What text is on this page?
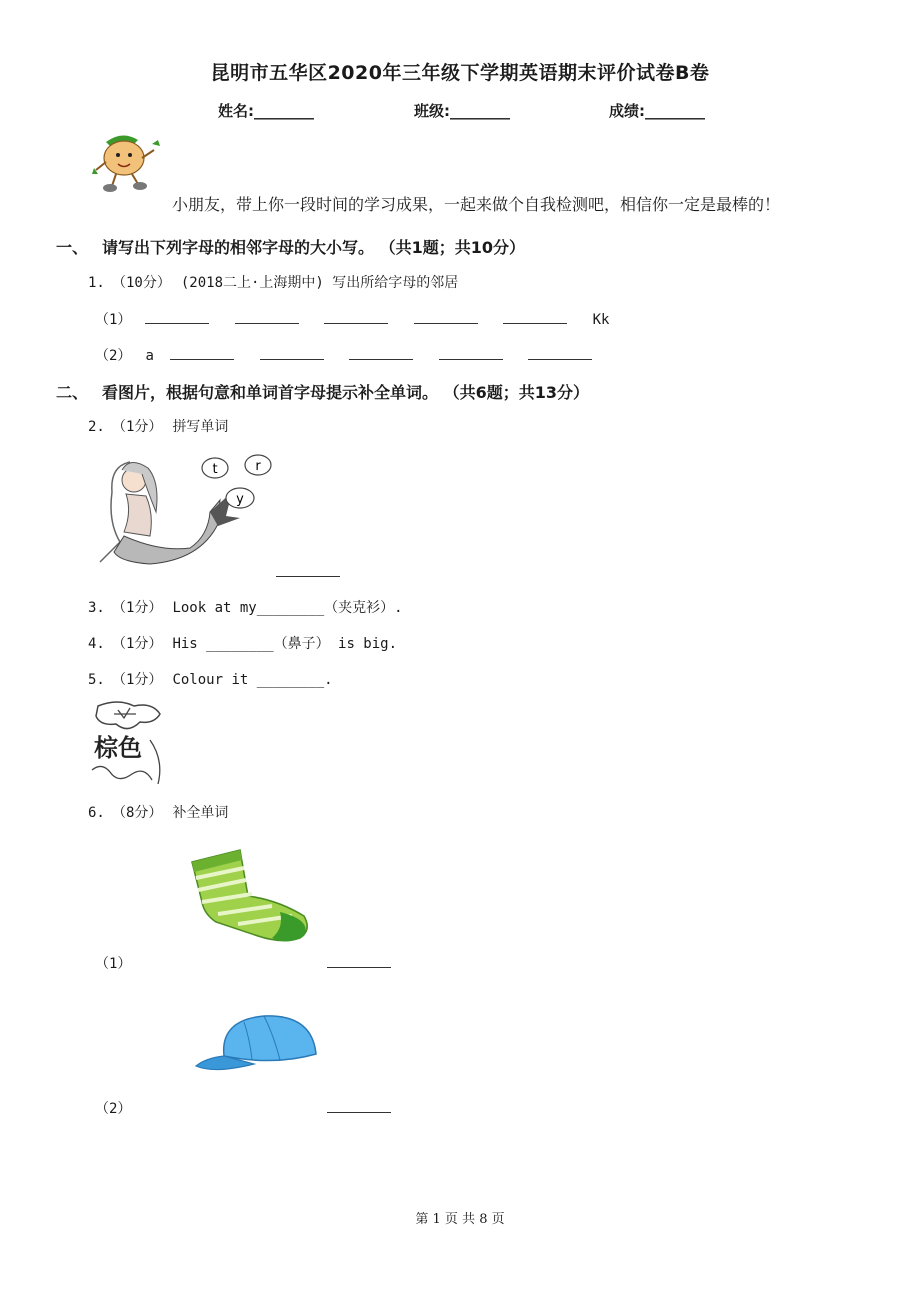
昆明市五华区2020年三年级下学期英语期末评价试卷B卷
姓名:________	班级:________	成绩:________
小朋友，带上你一段时间的学习成果，一起来做个自我检测吧，相信你一定是最棒的！
一、 请写出下列字母的相邻字母的大小写。 （共1题；共10分）
1. （10分） (2018二上·上海期中) 写出所给字母的邻居
（1）	Kk
（2） a
二、 看图片，根据句意和单词首字母提示补全单词。 （共6题；共13分）
2. （1分） 拼写单词
t	r
y
3. （1分） Look at my________（夹克衫）.
4. （1分） His ________（鼻子） is big.
5. （1分） Colour it ________.
棕色
6. （8分） 补全单词
（1）
（2）
第 1 页 共 8 页
